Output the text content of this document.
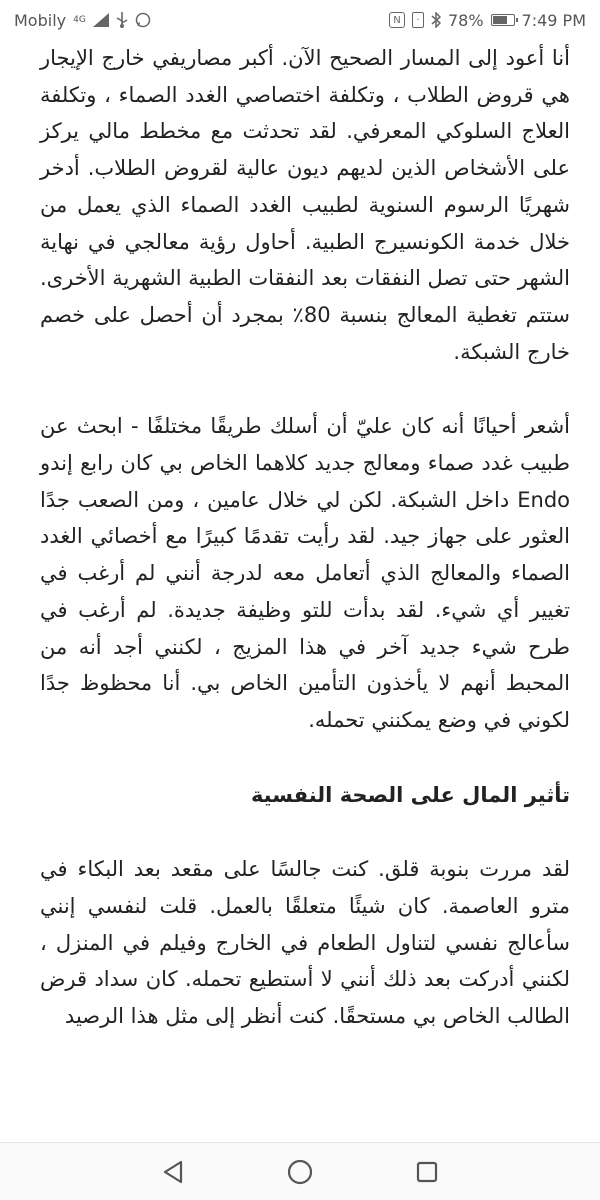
Mobily 4G	N	· 78% 7:49 PM

أنا أعود إلى المسار الصحيح الآن. أكبر مصاريفي خارج الإيجار هي قروض الطلاب ، وتكلفة اختصاصي الغدد الصماء ، وتكلفة العلاج السلوكي المعرفي. لقد تحدثت مع مخطط مالي يركز على الأشخاص الذين لديهم ديون عالية لقروض الطلاب. أدخر شهريًا الرسوم السنوية لطبيب الغدد الصماء الذي يعمل من خلال خدمة الكونسيرج الطبية. أحاول رؤية معالجي في نهاية الشهر حتى تصل النفقات بعد النفقات الطبية الشهرية الأخرى. ستتم تغطية المعالج بنسبة 80٪ بمجرد أن أحصل على خصم خارج الشبكة.

أشعر أحيانًا أنه كان عليّ أن أسلك طريقًا مختلفًا - ابحث عن طبيب غدد صماء ومعالج جديد كلاهما الخاص بي كان رابع إندو Endo داخل الشبكة. لكن لي خلال عامين ، ومن الصعب جدًا العثور على جهاز جيد. لقد رأيت تقدمًا كبيرًا مع أخصائي الغدد الصماء والمعالج الذي أتعامل معه لدرجة أنني لم أرغب في تغيير أي شيء. لقد بدأت للتو وظيفة جديدة. لم أرغب في طرح شيء جديد آخر في هذا المزيج ، لكنني أجد أنه من المحبط أنهم لا يأخذون التأمين الخاص بي. أنا محظوظ جدًا لكوني في وضع يمكنني تحمله.

تأثير المال على الصحة النفسية

لقد مررت بنوبة قلق. كنت جالسًا على مقعد بعد البكاء في مترو العاصمة. كان شيئًا متعلقًا بالعمل. قلت لنفسي إنني سأعالج نفسي لتناول الطعام في الخارج وفيلم في المنزل ، لكنني أدركت بعد ذلك أنني لا أستطيع تحمله. كان سداد قرض الطالب الخاص بي مستحقًا. كنت أنظر إلى مثل هذا الرصيد
